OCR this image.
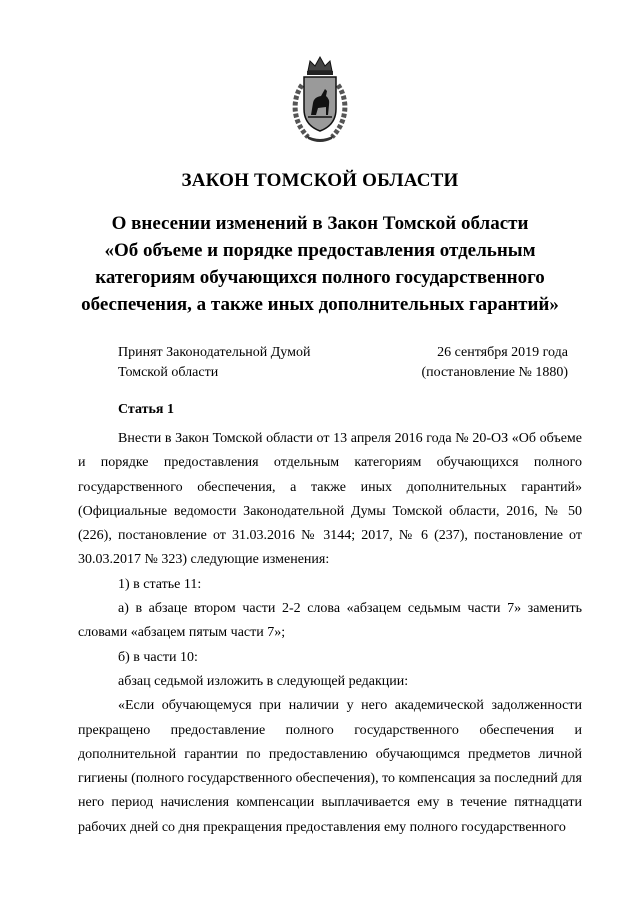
ЗАКОН ТОМСКОЙ ОБЛАСТИ
О внесении изменений в Закон Томской области
«Об объеме и порядке предоставления отдельным
категориям обучающихся полного государственного
обеспечения, а также иных дополнительных гарантий»
Принят Законодательной Думой
Томской области
26 сентября 2019 года
(постановление № 1880)
Статья 1

Внести в Закон Томской области от 13 апреля 2016 года № 20-ОЗ «Об объеме и порядке предоставления отдельным категориям обучающихся полного государственного обеспечения, а также иных дополнительных гарантий» (Официальные ведомости Законодательной Думы Томской области, 2016, № 50 (226), постановление от 31.03.2016 № 3144; 2017, № 6 (237), постановление от 30.03.2017 № 323) следующие изменения:

1) в статье 11:

а) в абзаце втором части 2-2 слова «абзацем седьмым части 7» заменить словами «абзацем пятым части 7»;

б) в части 10:

абзац седьмой изложить в следующей редакции:

«Если обучающемуся при наличии у него академической задолженности прекращено предоставление полного государственного обеспечения и дополнительной гарантии по предоставлению обучающимся предметов личной гигиены (полного государственного обеспечения), то компенсация за последний для него период начисления компенсации выплачивается ему в течение пятнадцати рабочих дней со дня прекращения предоставления ему полного государственного
